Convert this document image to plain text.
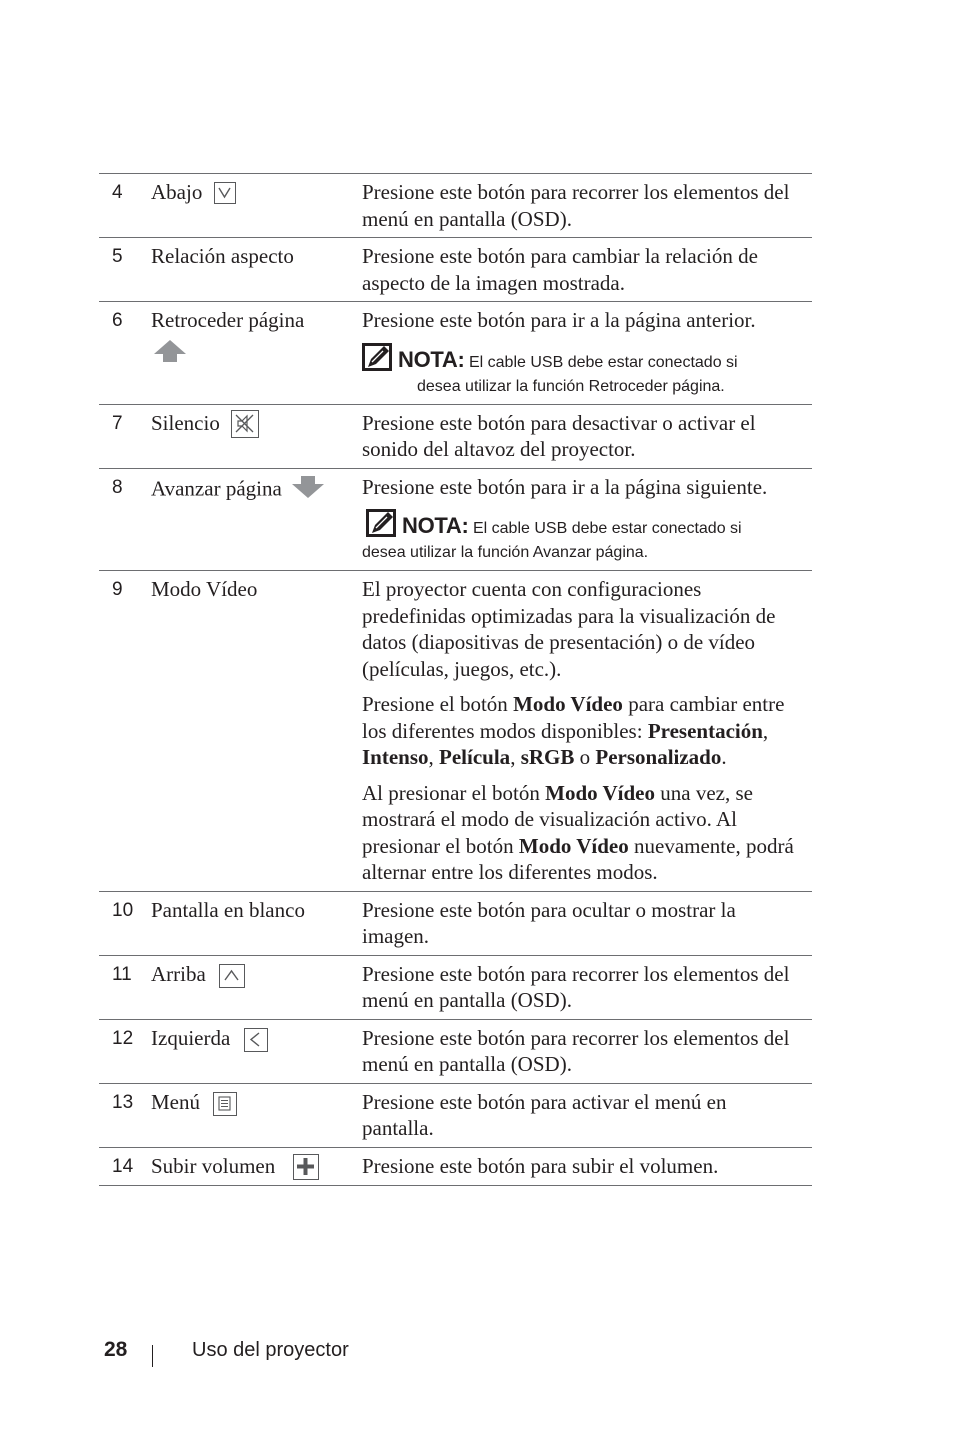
4	Abajo	Presione este botón para recorrer los elementos del menú en pantalla (OSD).

5	Relación aspecto	Presione este botón para cambiar la relación de aspecto de la imagen mostrada.

6	Retroceder página	Presione este botón para ir a la página anterior.

NOTA: El cable USB debe estar conectado si
desea utilizar la función Retroceder página.

7	Silencio	Presione este botón para desactivar o activar el sonido del altavoz del proyector.

8	Avanzar página	Presione este botón para ir a la página siguiente.

NOTA: El cable USB debe estar conectado si
desea utilizar la función Avanzar página.

9	Modo Vídeo	El proyector cuenta con configuraciones predefinidas optimizadas para la visualización de datos (diapositivas de presentación) o de vídeo (películas, juegos, etc.).

Presione el botón Modo Vídeo para cambiar entre los diferentes modos disponibles: Presentación, Intenso, Película, sRGB o Personalizado.

Al presionar el botón Modo Vídeo una vez, se mostrará el modo de visualización activo. Al presionar el botón Modo Vídeo nuevamente, podrá alternar entre los diferentes modos.

10	Pantalla en blanco	Presione este botón para ocultar o mostrar la imagen.

11	Arriba	Presione este botón para recorrer los elementos del menú en pantalla (OSD).

12	Izquierda	Presione este botón para recorrer los elementos del menú en pantalla (OSD).

13	Menú	Presione este botón para activar el menú en pantalla.

14	Subir volumen	Presione este botón para subir el volumen.

28	Uso del proyector
